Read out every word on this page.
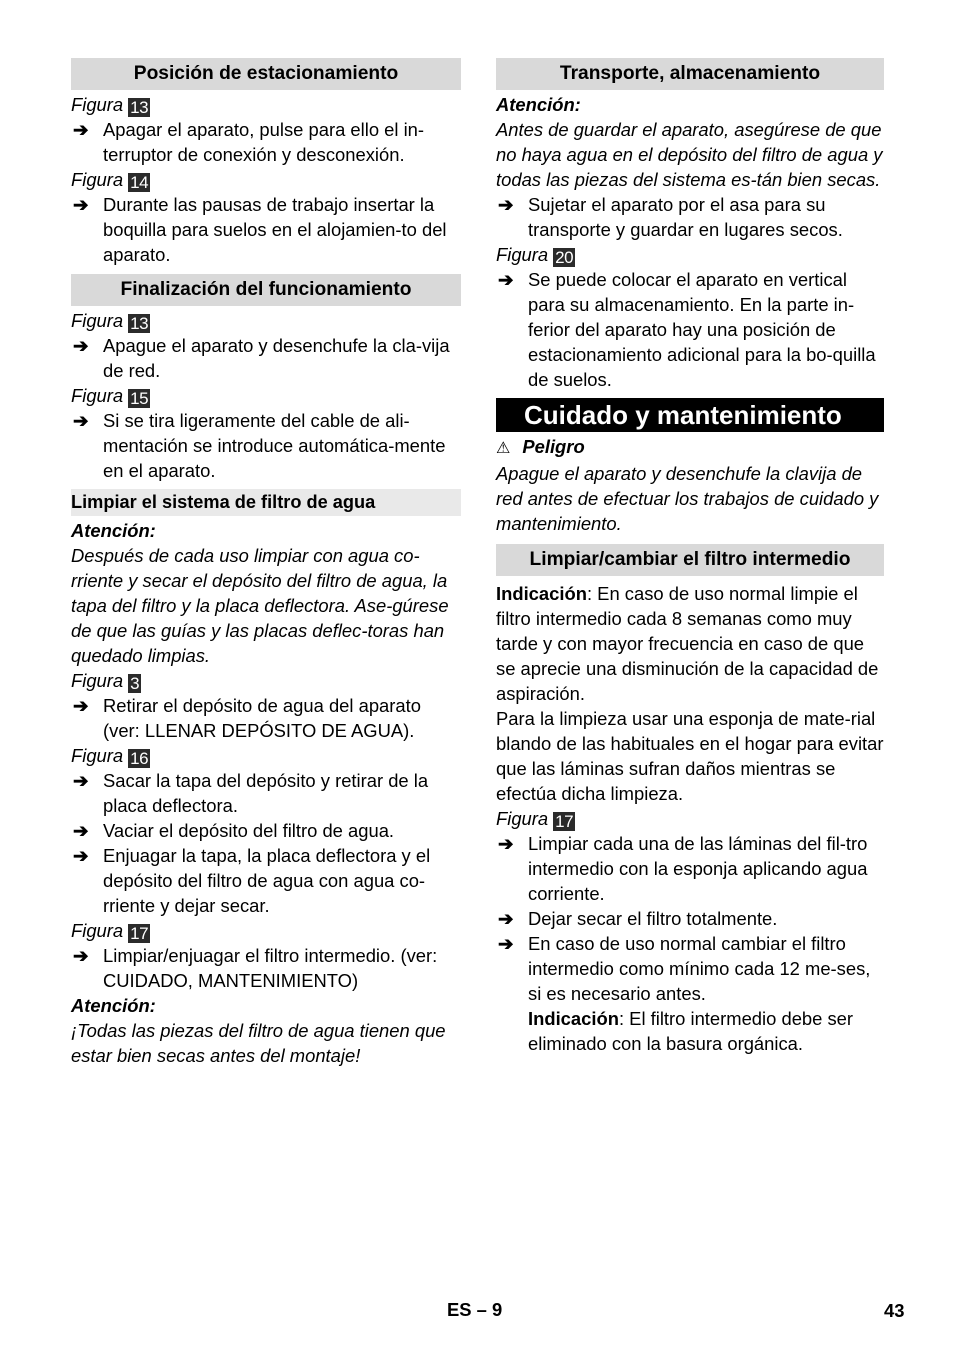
Posición de estacionamiento
Figura 13
➔ Apagar el aparato, pulse para ello el in-terruptor de conexión y desconexión.

Figura 14
➔ Durante las pausas de trabajo insertar la boquilla para suelos en el alojamien-to del aparato.

Finalización del funcionamiento
Figura 13
➔ Apague el aparato y desenchufe la cla-vija de red.

Figura 15
➔ Si se tira ligeramente del cable de ali-mentación se introduce automática-mente en el aparato.

Limpiar el sistema de filtro de agua
Atención:
Después de cada uso limpiar con agua co-rriente y secar el depósito del filtro de agua, la tapa del filtro y la placa deflectora. Ase-gúrese de que las guías y las placas deflec-toras han quedado limpias.
Figura 3
➔ Retirar el depósito de agua del aparato (ver: LLENAR DEPÓSITO DE AGUA).

Figura 16
➔ Sacar la tapa del depósito y retirar de la placa deflectora.

➔ Vaciar el depósito del filtro de agua.

➔ Enjuagar la tapa, la placa deflectora y el depósito del filtro de agua con agua co-rriente y dejar secar.

Figura 17
➔ Limpiar/enjuagar el filtro intermedio. (ver: CUIDADO, MANTENIMIENTO)

Atención:
¡Todas las piezas del filtro de agua tienen que estar bien secas antes del montaje!
Transporte, almacenamiento
Atención:
Antes de guardar el aparato, asegúrese de que no haya agua en el depósito del filtro de agua y todas las piezas del sistema es-tán bien secas.
➔ Sujetar el aparato por el asa para su transporte y guardar en lugares secos.

Figura 20
➔ Se puede colocar el aparato en vertical para su almacenamiento. En la parte in-ferior del aparato hay una posición de estacionamiento adicional para la bo-quilla de suelos.

Cuidado y mantenimiento
⚠ Peligro
Apague el aparato y desenchufe la clavija de red antes de efectuar los trabajos de cuidado y mantenimiento.
Limpiar/cambiar el filtro intermedio
Indicación: En caso de uso normal limpie el filtro intermedio cada 8 semanas como muy tarde y con mayor frecuencia en caso de que se aprecie una disminución de la capacidad de aspiración.
Para la limpieza usar una esponja de mate-rial blando de las habituales en el hogar para evitar que las láminas sufran daños mientras se efectúa dicha limpieza.
Figura 17
➔ Limpiar cada una de las láminas del fil-tro intermedio con la esponja aplicando agua corriente.

➔ Dejar secar el filtro totalmente.

➔ En caso de uso normal cambiar el filtro intermedio como mínimo cada 12 me-ses, si es necesario antes.

Indicación: El filtro intermedio debe ser eliminado con la basura orgánica.

ES – 9	43
